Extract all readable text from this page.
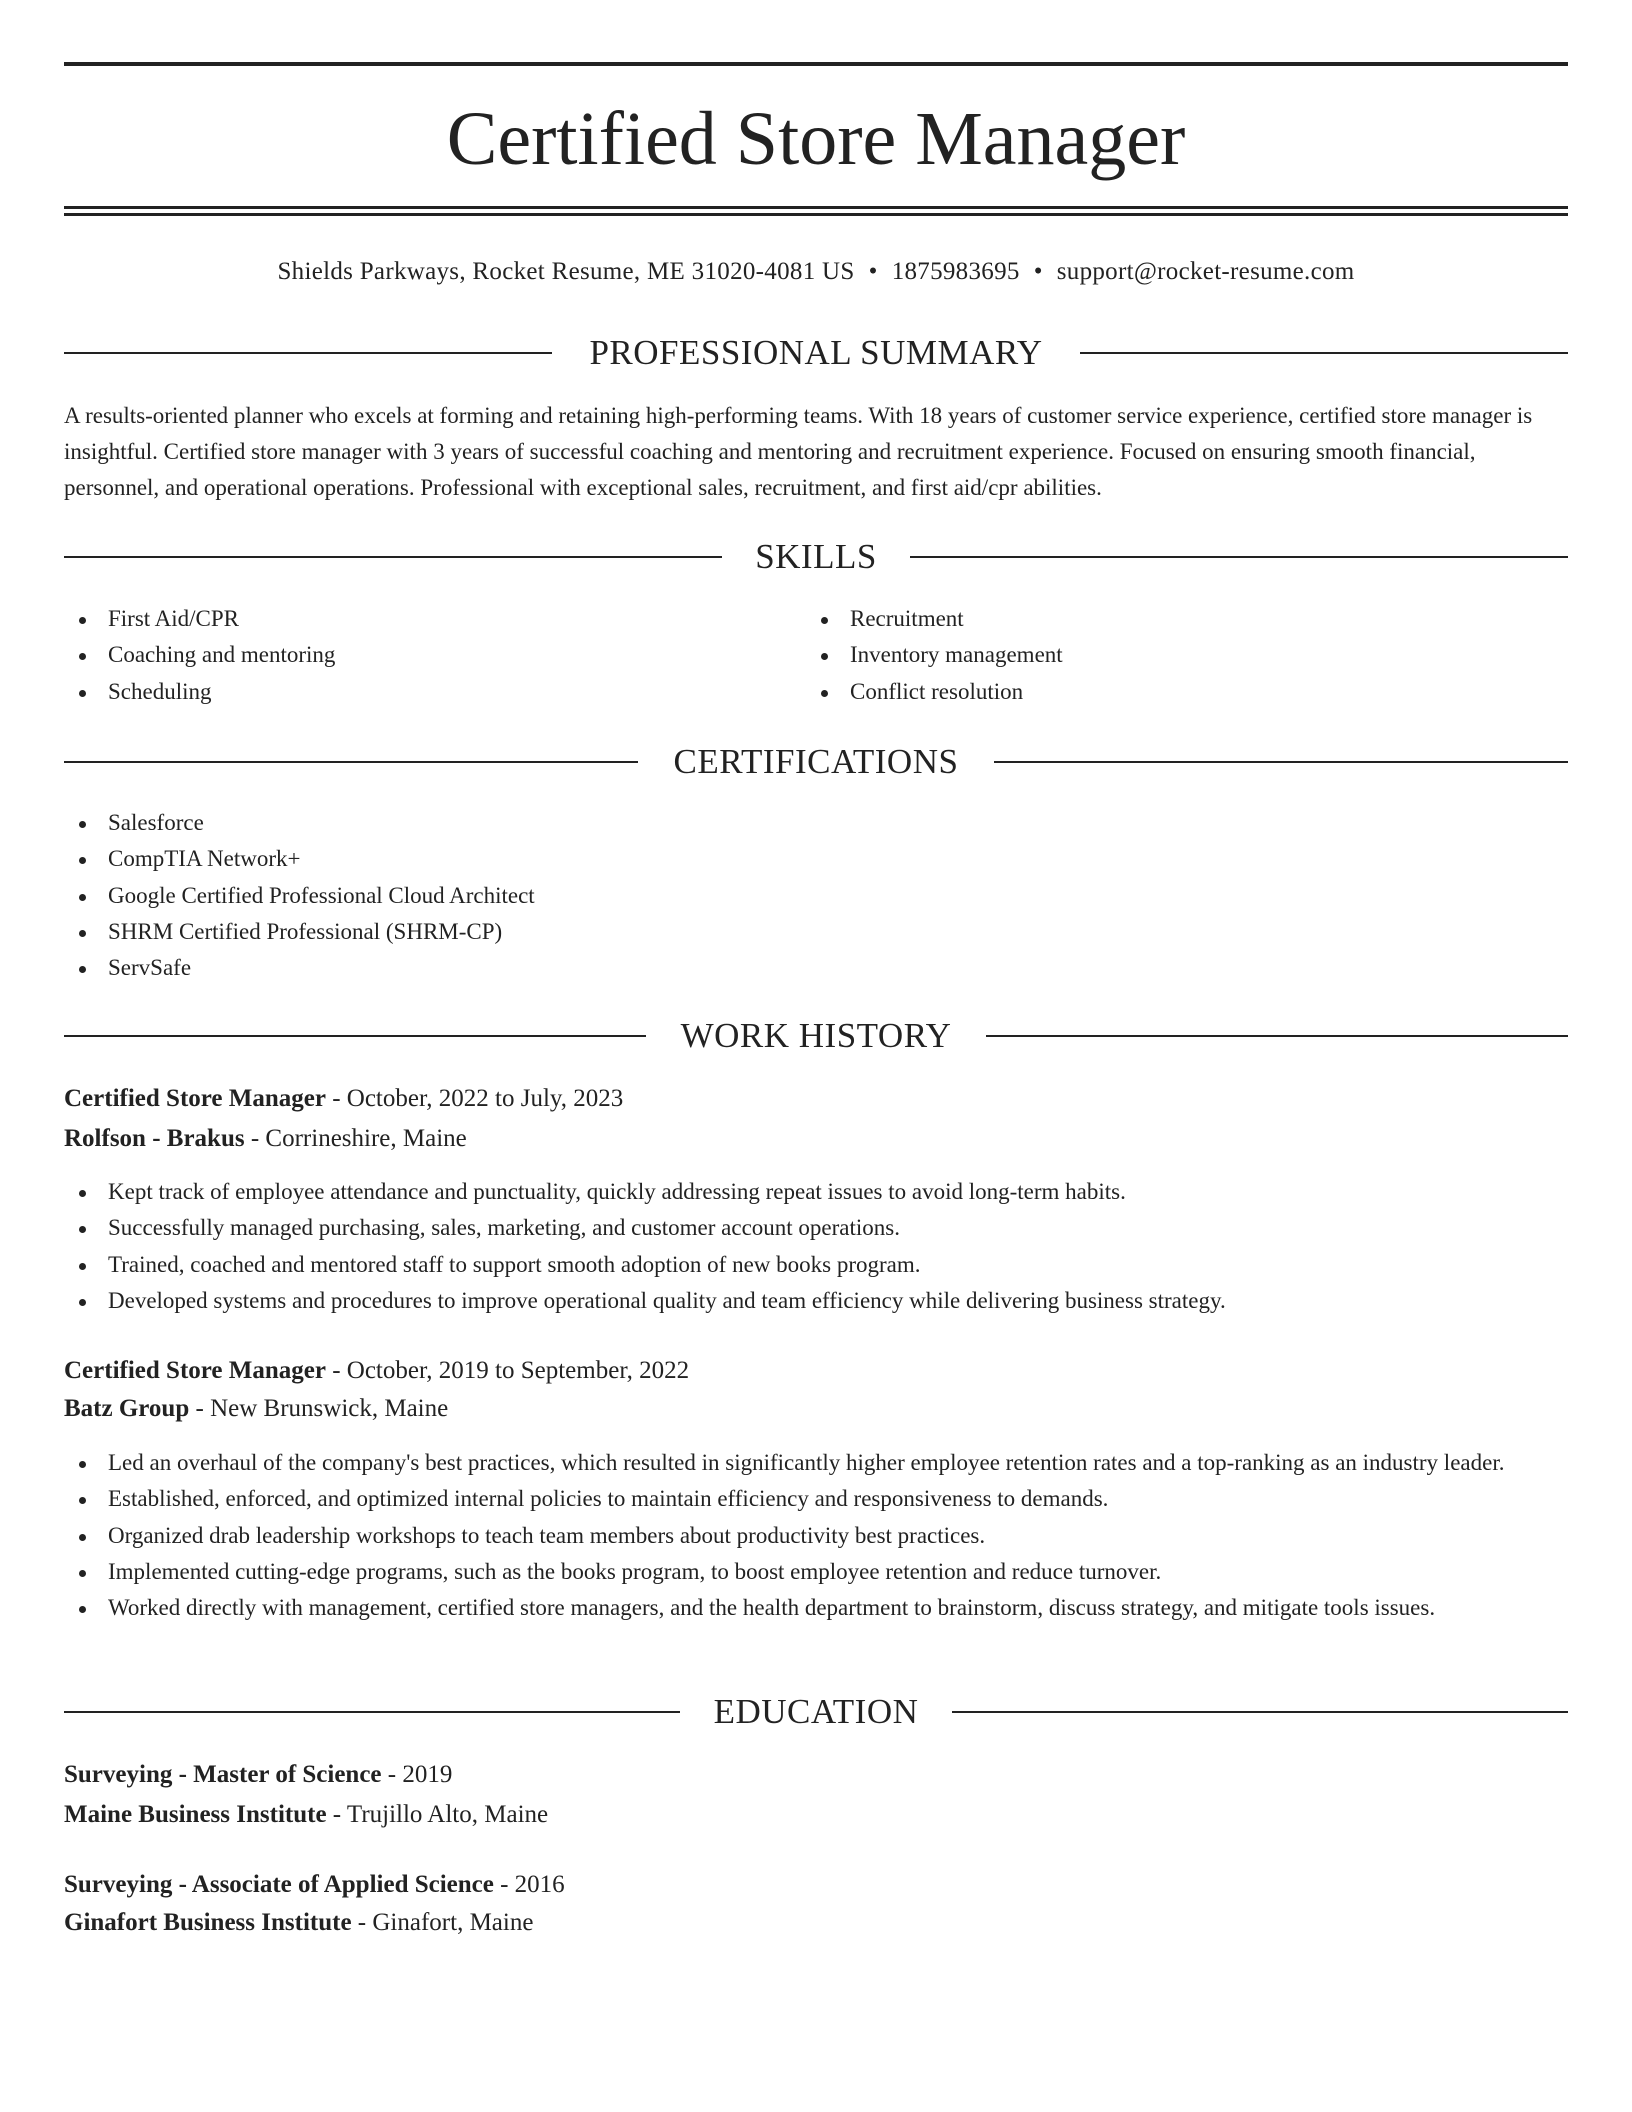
Certified Store Manager
Shields Parkways, Rocket Resume, ME 31020-4081 US • 1875983695 • support@rocket-resume.com
PROFESSIONAL SUMMARY
A results-oriented planner who excels at forming and retaining high-performing teams. With 18 years of customer service experience, certified store manager is insightful. Certified store manager with 3 years of successful coaching and mentoring and recruitment experience. Focused on ensuring smooth financial, personnel, and operational operations. Professional with exceptional sales, recruitment, and first aid/cpr abilities.
SKILLS
First Aid/CPR
Coaching and mentoring
Scheduling
Recruitment
Inventory management
Conflict resolution
CERTIFICATIONS
Salesforce
CompTIA Network+
Google Certified Professional Cloud Architect
SHRM Certified Professional (SHRM-CP)
ServSafe
WORK HISTORY
Certified Store Manager - October, 2022 to July, 2023
Rolfson - Brakus - Corrineshire, Maine
Kept track of employee attendance and punctuality, quickly addressing repeat issues to avoid long-term habits.
Successfully managed purchasing, sales, marketing, and customer account operations.
Trained, coached and mentored staff to support smooth adoption of new books program.
Developed systems and procedures to improve operational quality and team efficiency while delivering business strategy.
Certified Store Manager - October, 2019 to September, 2022
Batz Group - New Brunswick, Maine
Led an overhaul of the company's best practices, which resulted in significantly higher employee retention rates and a top-ranking as an industry leader.
Established, enforced, and optimized internal policies to maintain efficiency and responsiveness to demands.
Organized drab leadership workshops to teach team members about productivity best practices.
Implemented cutting-edge programs, such as the books program, to boost employee retention and reduce turnover.
Worked directly with management, certified store managers, and the health department to brainstorm, discuss strategy, and mitigate tools issues.
EDUCATION
Surveying - Master of Science - 2019
Maine Business Institute - Trujillo Alto, Maine
Surveying - Associate of Applied Science - 2016
Ginafort Business Institute - Ginafort, Maine
